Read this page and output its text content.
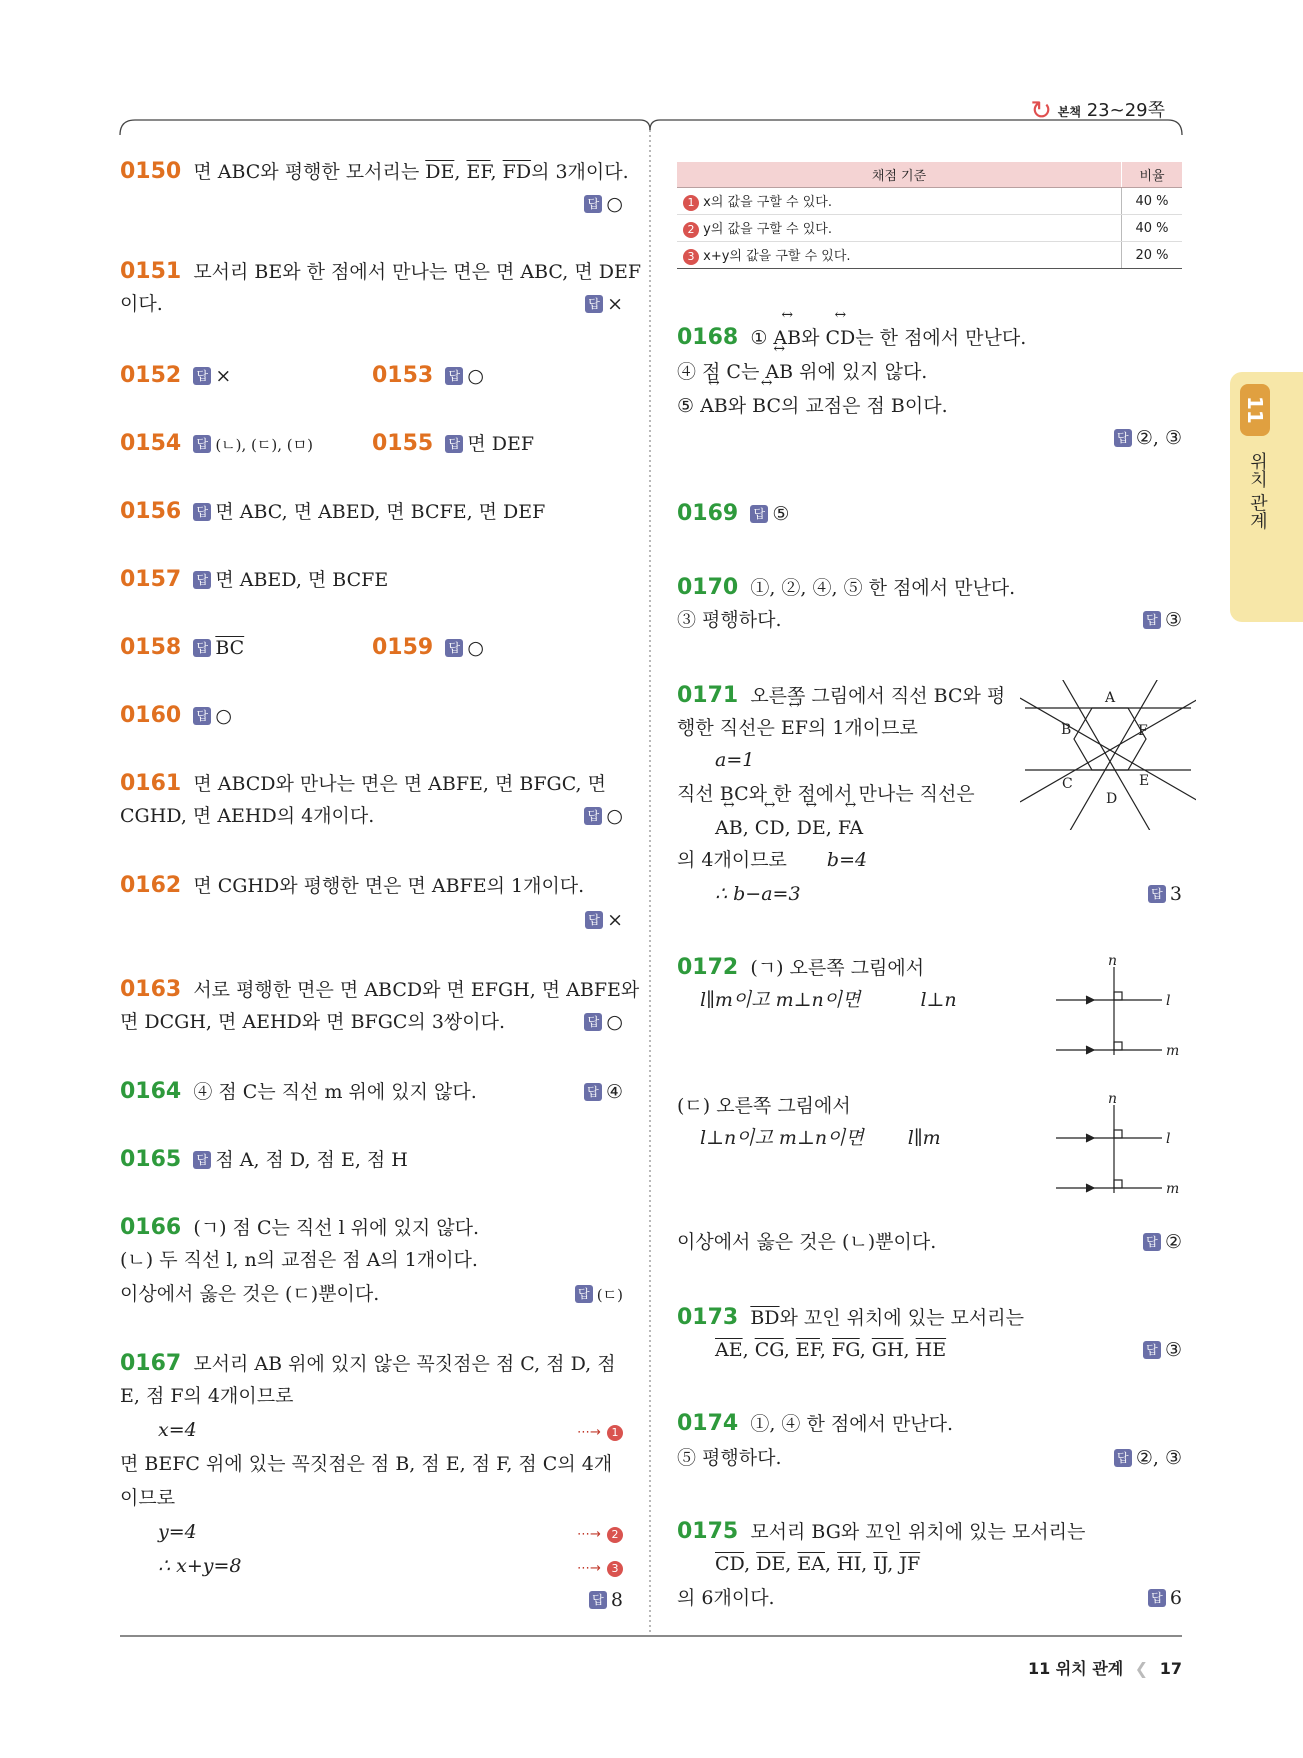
↻ 본책 23~29쪽
11
위치 관계
0150 면 ABC와 평행한 모서리는 $\overline{DE}$, $\overline{EF}$, $\overline{FD}$의 3개이다.
답 ○
0151 모서리 BE와 한 점에서 만나는 면은 면 ABC, 면 DEF
이다.	답 ×
0152 답 ×	0153 답 ○
0154 답 (ㄴ), (ㄷ), (ㅁ)	0155 답 면 DEF
0156 답 면 ABC, 면 ABED, 면 BCFE, 면 DEF
0157 답 면 ABED, 면 BCFE
0158 답 $\overline{BC}$	0159 답 ○
0160 답 ○
0161 면 ABCD와 만나는 면은 면 ABFE, 면 BFGC, 면
CGHD, 면 AEHD의 4개이다.	답 ○
0162 면 CGHD와 평행한 면은 면 ABFE의 1개이다.
답 ×
0163 서로 평행한 면은 면 ABCD와 면 EFGH, 면 ABFE와
면 DCGH, 면 AEHD와 면 BFGC의 3쌍이다.	답 ○
0164 ④ 점 C는 직선 m 위에 있지 않다.	답 ④
0165 답 점 A, 점 D, 점 E, 점 H
0166 (ㄱ) 점 C는 직선 l 위에 있지 않다.
(ㄴ) 두 직선 l, n의 교점은 점 A의 1개이다.
이상에서 옳은 것은 (ㄷ)뿐이다.	답 (ㄷ)
0167 모서리 AB 위에 있지 않은 꼭짓점은 점 C, 점 D, 점
E, 점 F의 4개이므로
x=4	⋯→ 1
면 BEFC 위에 있는 꼭짓점은 점 B, 점 E, 점 F, 점 C의 4개
이므로
y=4	⋯→ 2
∴ x+y=8	⋯→ 3
답 8
채점 기준	비율
1 x의 값을 구할 수 있다.	40 %
2 y의 값을 구할 수 있다.	40 %
3 x+y의 값을 구할 수 있다.	20 %
0168 ① ↔ AB와 ↔ CD는 한 점에서 만난다.
④ 점 C는 ↔ AB 위에 있지 않다.
⑤ ↔ AB와 ↔ BC의 교점은 점 B이다.
답 ②, ③
0169 답 ⑤
0170 ①, ②, ④, ⑤ 한 점에서 만난다.
③ 평행하다.	답 ③
0171 오른쪽 그림에서 직선 BC와 평
행한 직선은 ↔ EF의 1개이므로
a=1
직선 BC와 한 점에서 만나는 직선은
↔ AB, ↔ CD, ↔ DE, ↔ FA
의 4개이므로 b=4
∴ b−a=3	답 3
A
B
C
D
E
F
0172 (ㄱ) 오른쪽 그림에서
l∥m이고 m⊥n이면	l⊥n
n
l
m
(ㄷ) 오른쪽 그림에서
l⊥n이고 m⊥n이면 l∥m
n
l
m
이상에서 옳은 것은 (ㄴ)뿐이다.	답 ②
0173 $\overline{BD}$와 꼬인 위치에 있는 모서리는
$\overline{AE}$, $\overline{CG}$, $\overline{EF}$, $\overline{FG}$, $\overline{GH}$, $\overline{HE}$	답 ③
0174 ①, ④ 한 점에서 만난다.
⑤ 평행하다.	답 ②, ③
0175 모서리 BG와 꼬인 위치에 있는 모서리는
$\overline{CD}$, $\overline{DE}$, $\overline{EA}$, $\overline{HI}$, $\overline{IJ}$, $\overline{JF}$
의 6개이다.	답 6
11 위치 관계 ❮ 17
